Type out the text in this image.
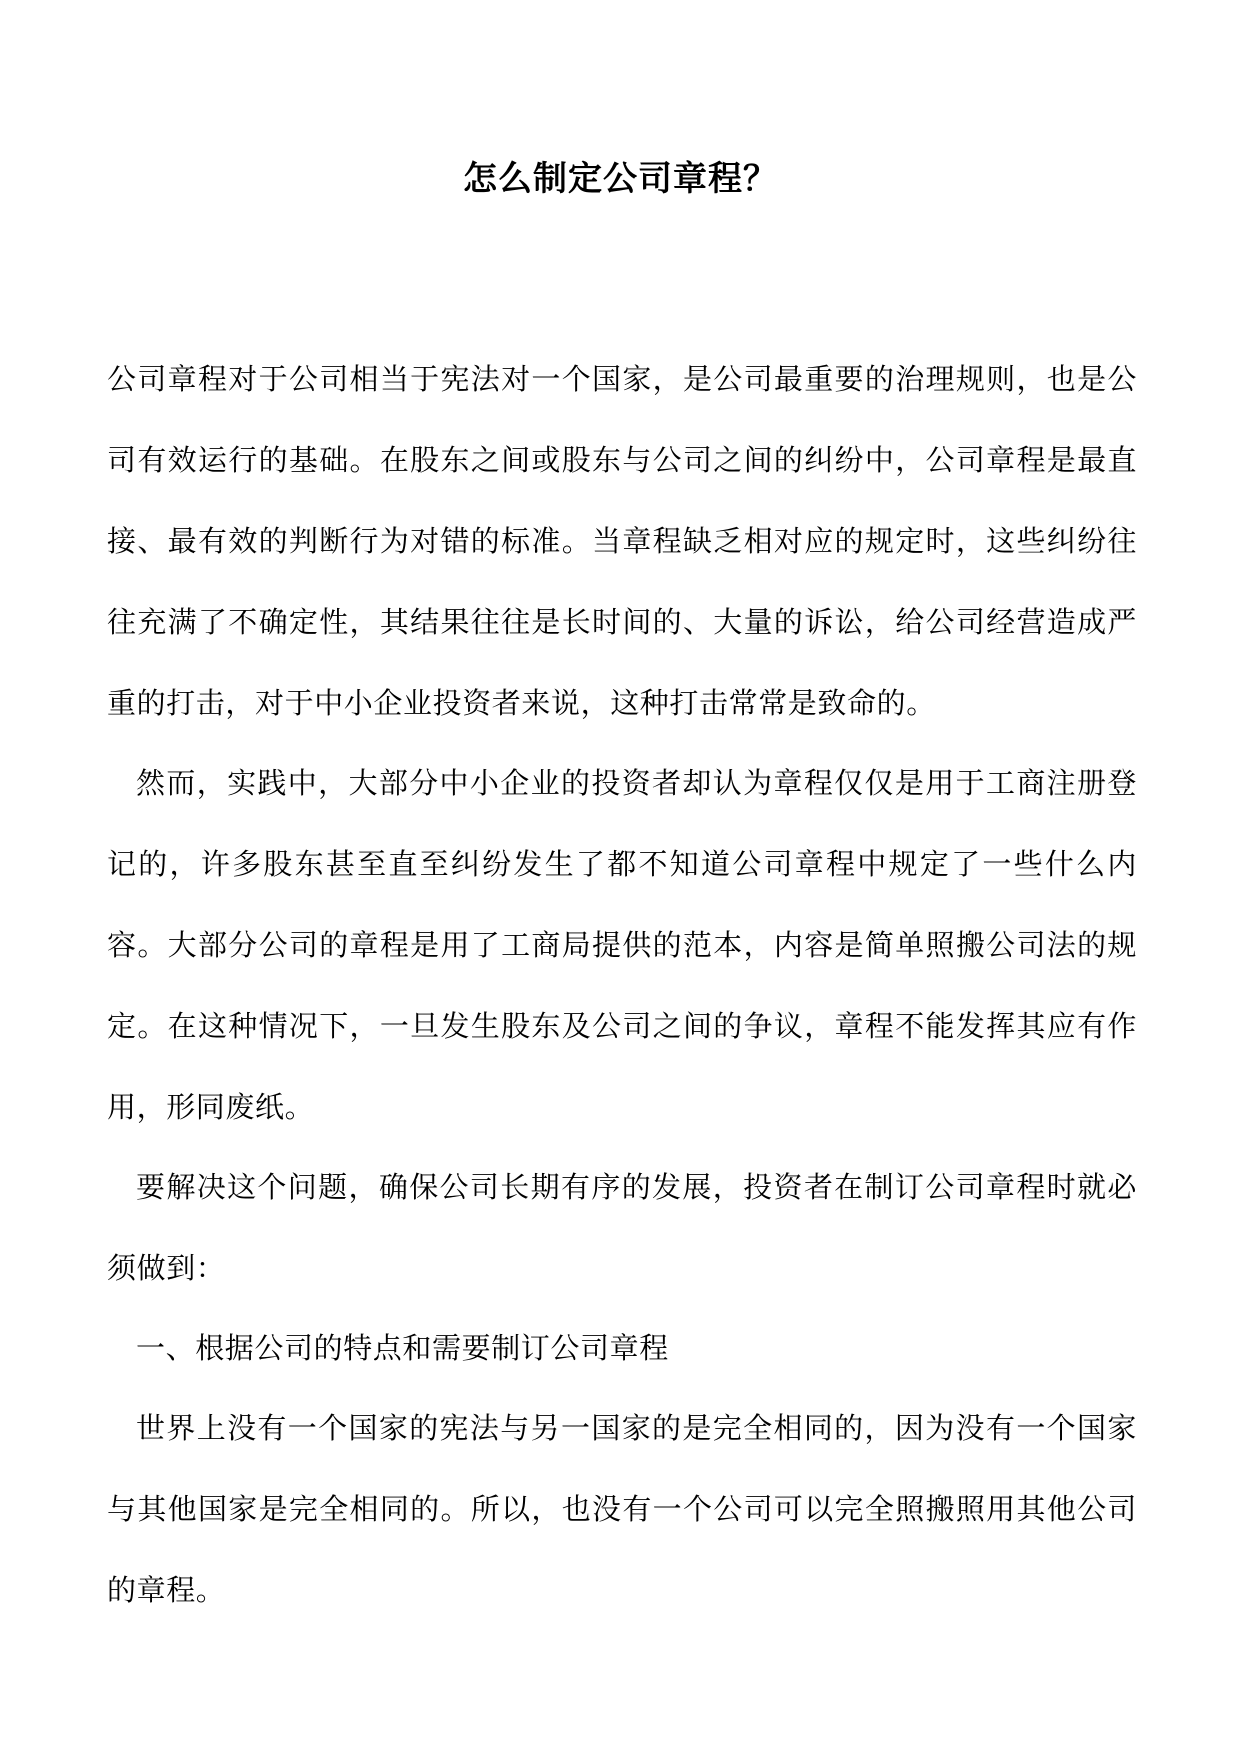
怎么制定公司章程？

公司章程对于公司相当于宪法对一个国家，是公司最重要的治理规则，也是公司有效运行的基础。在股东之间或股东与公司之间的纠纷中，公司章程是最直接、最有效的判断行为对错的标准。当章程缺乏相对应的规定时，这些纠纷往往充满了不确定性，其结果往往是长时间的、大量的诉讼，给公司经营造成严重的打击，对于中小企业投资者来说，这种打击常常是致命的。

然而，实践中，大部分中小企业的投资者却认为章程仅仅是用于工商注册登记的，许多股东甚至直至纠纷发生了都不知道公司章程中规定了一些什么内容。大部分公司的章程是用了工商局提供的范本，内容是简单照搬公司法的规定。在这种情况下，一旦发生股东及公司之间的争议，章程不能发挥其应有作用，形同废纸。

要解决这个问题，确保公司长期有序的发展，投资者在制订公司章程时就必须做到：

一、根据公司的特点和需要制订公司章程

世界上没有一个国家的宪法与另一国家的是完全相同的，因为没有一个国家与其他国家是完全相同的。所以，也没有一个公司可以完全照搬照用其他公司的章程。
